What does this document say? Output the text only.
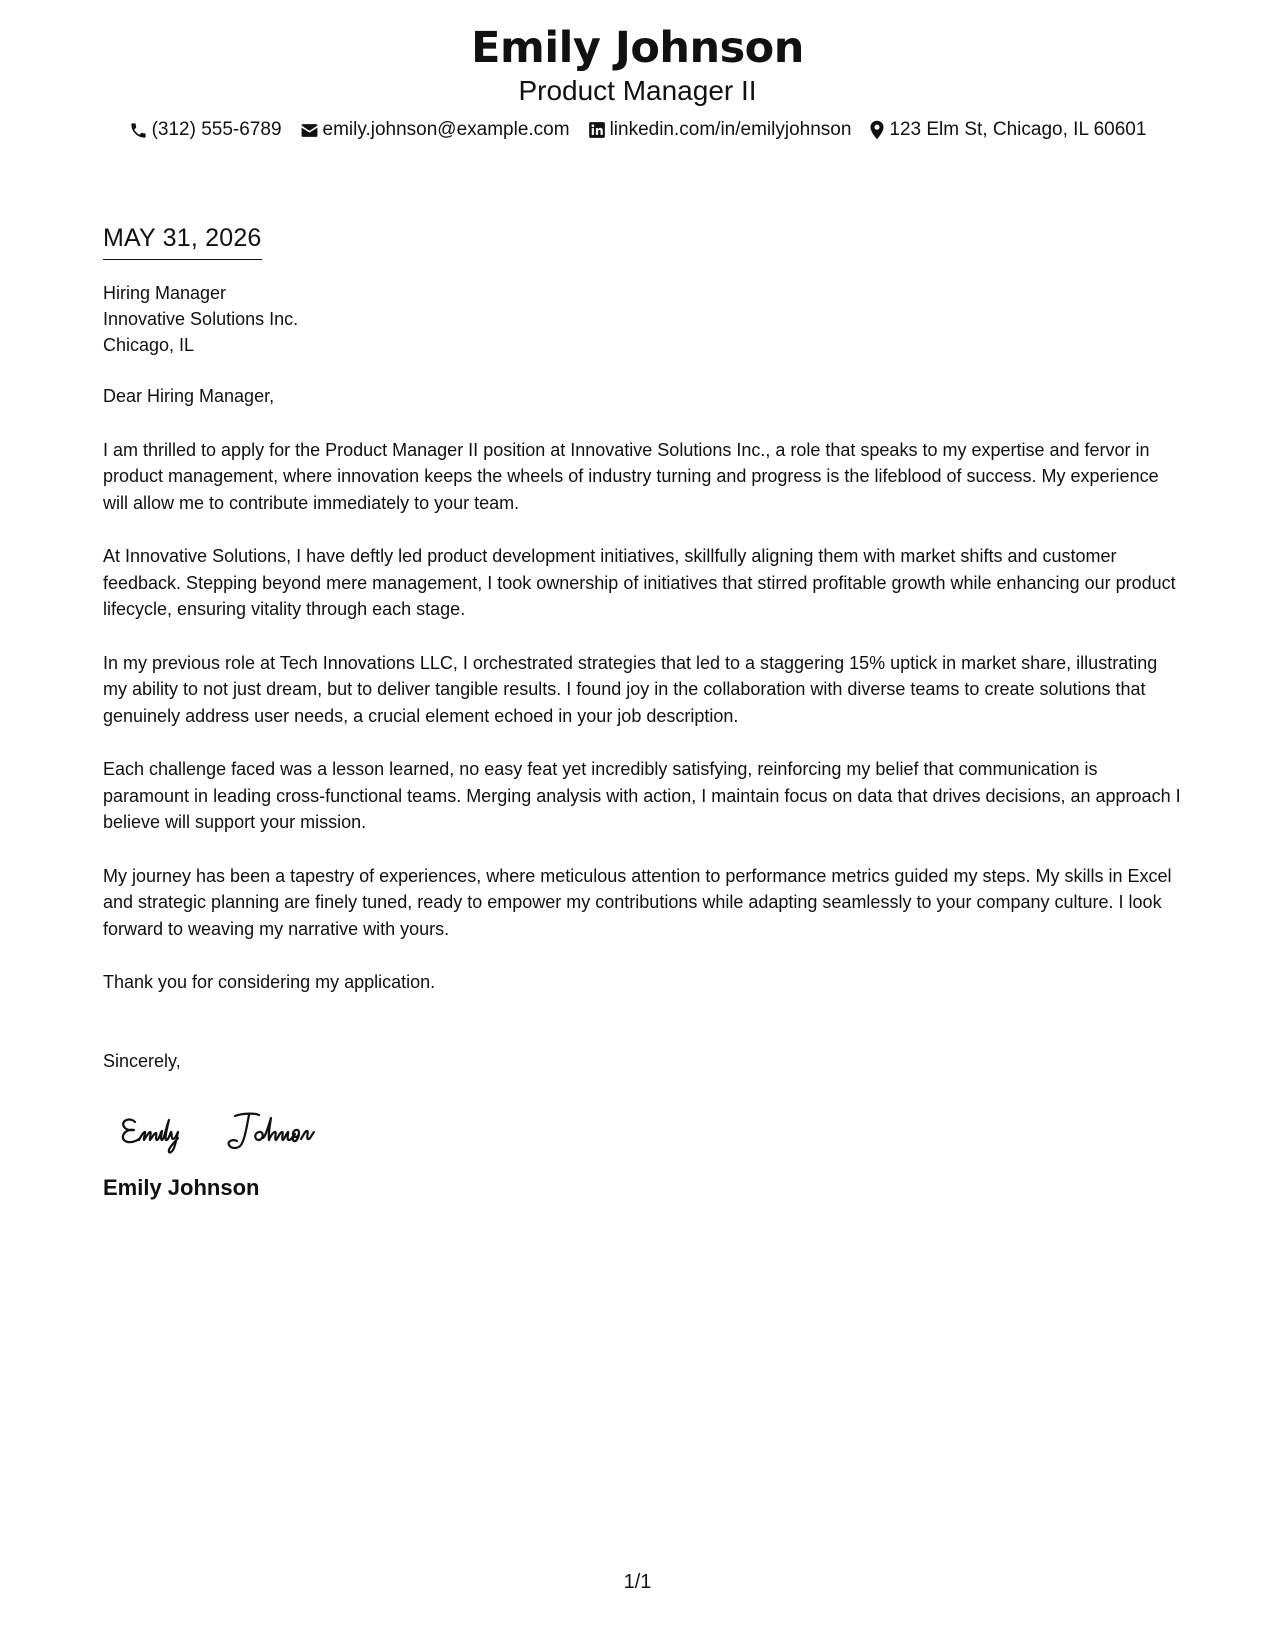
Emily Johnson
Product Manager II
(312) 555-6789 emily.johnson@example.com linkedin.com/in/emilyjohnson 123 Elm St, Chicago, IL 60601
MAY 31, 2026
Hiring Manager
Innovative Solutions Inc.
Chicago, IL
Dear Hiring Manager,
I am thrilled to apply for the Product Manager II position at Innovative Solutions Inc., a role that speaks to my expertise and fervor in product management, where innovation keeps the wheels of industry turning and progress is the lifeblood of success. My experience will allow me to contribute immediately to your team.
At Innovative Solutions, I have deftly led product development initiatives, skillfully aligning them with market shifts and customer feedback. Stepping beyond mere management, I took ownership of initiatives that stirred profitable growth while enhancing our product lifecycle, ensuring vitality through each stage.
In my previous role at Tech Innovations LLC, I orchestrated strategies that led to a staggering 15% uptick in market share, illustrating my ability to not just dream, but to deliver tangible results. I found joy in the collaboration with diverse teams to create solutions that genuinely address user needs, a crucial element echoed in your job description.
Each challenge faced was a lesson learned, no easy feat yet incredibly satisfying, reinforcing my belief that communication is paramount in leading cross-functional teams. Merging analysis with action, I maintain focus on data that drives decisions, an approach I believe will support your mission.
My journey has been a tapestry of experiences, where meticulous attention to performance metrics guided my steps. My skills in Excel and strategic planning are finely tuned, ready to empower my contributions while adapting seamlessly to your company culture. I look forward to weaving my narrative with yours.
Thank you for considering my application.
Sincerely,
Emily Johnson
1/1
